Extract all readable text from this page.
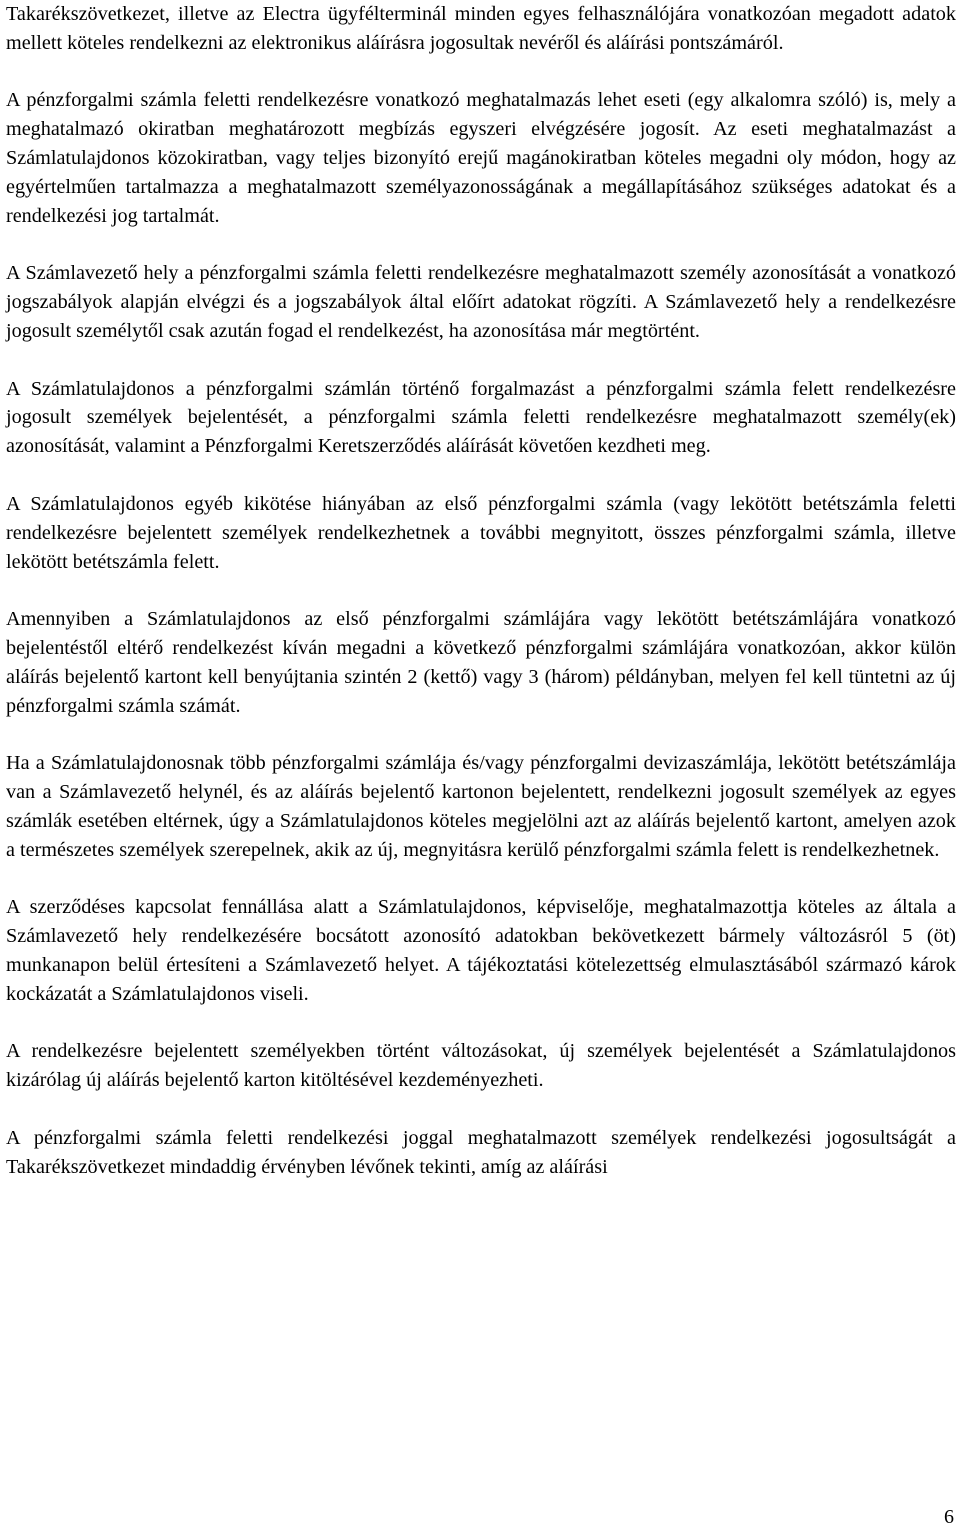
Takarékszövetkezet, illetve az Electra ügyfélterminál minden egyes felhasználójára vonatkozóan megadott adatok mellett köteles rendelkezni az elektronikus aláírásra jogosultak nevéről és aláírási pontszámáról.

A pénzforgalmi számla feletti rendelkezésre vonatkozó meghatalmazás lehet eseti (egy alkalomra szóló) is, mely a meghatalmazó okiratban meghatározott megbízás egyszeri elvégzésére jogosít. Az eseti meghatalmazást a Számlatulajdonos közokiratban, vagy teljes bizonyító erejű magánokiratban köteles megadni oly módon, hogy az egyértelműen tartalmazza a meghatalmazott személyazonosságának a megállapításához szükséges adatokat és a rendelkezési jog tartalmát.

A Számlavezető hely a pénzforgalmi számla feletti rendelkezésre meghatalmazott személy azonosítását a vonatkozó jogszabályok alapján elvégzi és a jogszabályok által előírt adatokat rögzíti. A Számlavezető hely a rendelkezésre jogosult személytől csak azután fogad el rendelkezést, ha azonosítása már megtörtént.

A Számlatulajdonos a pénzforgalmi számlán történő forgalmazást a pénzforgalmi számla felett rendelkezésre jogosult személyek bejelentését, a pénzforgalmi számla feletti rendelkezésre meghatalmazott személy(ek) azonosítását, valamint a Pénzforgalmi Keretszerződés aláírását követően kezdheti meg.

A Számlatulajdonos egyéb kikötése hiányában az első pénzforgalmi számla (vagy lekötött betétszámla feletti rendelkezésre bejelentett személyek rendelkezhetnek a további megnyitott, összes pénzforgalmi számla, illetve lekötött betétszámla felett.

Amennyiben a Számlatulajdonos az első pénzforgalmi számlájára vagy lekötött betétszámlájára vonatkozó bejelentéstől eltérő rendelkezést kíván megadni a következő pénzforgalmi számlájára vonatkozóan, akkor külön aláírás bejelentő kartont kell benyújtania szintén 2 (kettő) vagy 3 (három) példányban, melyen fel kell tüntetni az új pénzforgalmi számla számát.

Ha a Számlatulajdonosnak több pénzforgalmi számlája és/vagy pénzforgalmi devizaszámlája, lekötött betétszámlája van a Számlavezető helynél, és az aláírás bejelentő kartonon bejelentett, rendelkezni jogosult személyek az egyes számlák esetében eltérnek, úgy a Számlatulajdonos köteles megjelölni azt az aláírás bejelentő kartont, amelyen azok a természetes személyek szerepelnek, akik az új, megnyitásra kerülő pénzforgalmi számla felett is rendelkezhetnek.

A szerződéses kapcsolat fennállása alatt a Számlatulajdonos, képviselője, meghatalmazottja köteles az általa a Számlavezető hely rendelkezésére bocsátott azonosító adatokban bekövetkezett bármely változásról 5 (öt) munkanapon belül értesíteni a Számlavezető helyet. A tájékoztatási kötelezettség elmulasztásából származó károk kockázatát a Számlatulajdonos viseli.

A rendelkezésre bejelentett személyekben történt változásokat, új személyek bejelentését a Számlatulajdonos kizárólag új aláírás bejelentő karton kitöltésével kezdeményezheti.

A pénzforgalmi számla feletti rendelkezési joggal meghatalmazott személyek rendelkezési jogosultságát a Takarékszövetkezet mindaddig érvényben lévőnek tekinti, amíg az aláírási

6
